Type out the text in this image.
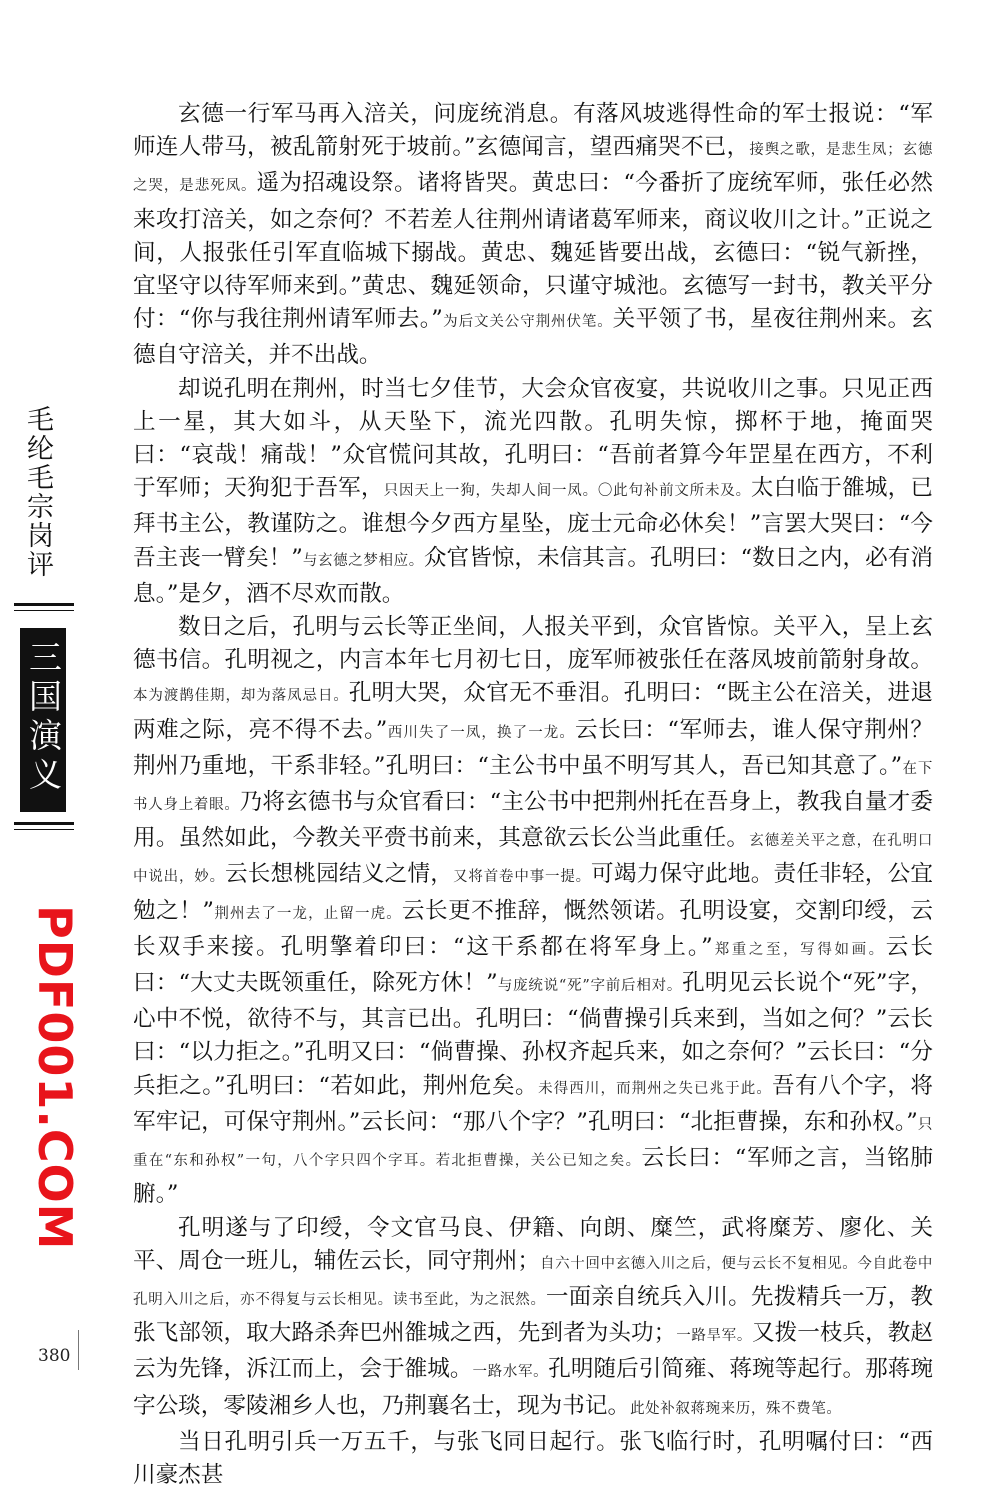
毛纶毛宗岗评
三国演义
PDF001.COM
380

玄德一行军马再入涪关，问庞统消息。有落风坡逃得性命的军士报说：“军师连人带马，被乱箭射死于坡前。”玄德闻言，望西痛哭不已，接舆之歌，是悲生凤；玄德之哭，是悲死凤。遥为招魂设祭。诸将皆哭。黄忠曰：“今番折了庞统军师，张任必然来攻打涪关，如之奈何？不若差人往荆州请诸葛军师来，商议收川之计。”正说之间，人报张任引军直临城下搦战。黄忠、魏延皆要出战，玄德曰：“锐气新挫，宜坚守以待军师来到。”黄忠、魏延领命，只谨守城池。玄德写一封书，教关平分付：“你与我往荆州请军师去。”为后文关公守荆州伏笔。关平领了书，星夜往荆州来。玄德自守涪关，并不出战。

却说孔明在荆州，时当七夕佳节，大会众官夜宴，共说收川之事。只见正西上一星，其大如斗，从天坠下，流光四散。孔明失惊，掷杯于地，掩面哭曰：“哀哉！痛哉！”众官慌问其故，孔明曰：“吾前者算今年罡星在西方，不利于军师；天狗犯于吾军，只因天上一狗，失却人间一凤。〇此句补前文所未及。太白临于雒城，已拜书主公，教谨防之。谁想今夕西方星坠，庞士元命必休矣！”言罢大哭曰：“今吾主丧一臂矣！”与玄德之梦相应。众官皆惊，未信其言。孔明曰：“数日之内，必有消息。”是夕，酒不尽欢而散。

数日之后，孔明与云长等正坐间，人报关平到，众官皆惊。关平入，呈上玄德书信。孔明视之，内言本年七月初七日，庞军师被张任在落凤坡前箭射身故。本为渡鹊佳期，却为落凤忌日。孔明大哭，众官无不垂泪。孔明曰：“既主公在涪关，进退两难之际，亮不得不去。”西川失了一凤，换了一龙。云长曰：“军师去，谁人保守荆州？荆州乃重地，干系非轻。”孔明曰：“主公书中虽不明写其人，吾已知其意了。”在下书人身上着眼。乃将玄德书与众官看曰：“主公书中把荆州托在吾身上，教我自量才委用。虽然如此，今教关平赍书前来，其意欲云长公当此重任。玄德差关平之意，在孔明口中说出，妙。云长想桃园结义之情，又将首卷中事一提。可竭力保守此地。责任非轻，公宜勉之！”荆州去了一龙，止留一虎。云长更不推辞，慨然领诺。孔明设宴，交割印绶，云长双手来接。孔明擎着印曰：“这干系都在将军身上。”郑重之至，写得如画。云长曰：“大丈夫既领重任，除死方休！”与庞统说“死”字前后相对。孔明见云长说个“死”字，心中不悦，欲待不与，其言已出。孔明曰：“倘曹操引兵来到，当如之何？”云长曰：“以力拒之。”孔明又曰：“倘曹操、孙权齐起兵来，如之奈何？”云长曰：“分兵拒之。”孔明曰：“若如此，荆州危矣。未得西川，而荆州之失已兆于此。吾有八个字，将军牢记，可保守荆州。”云长问：“那八个字？”孔明曰：“北拒曹操，东和孙权。”只重在“东和孙权”一句，八个字只四个字耳。若北拒曹操，关公已知之矣。云长曰：“军师之言，当铭肺腑。”

孔明遂与了印绶，令文官马良、伊籍、向朗、糜竺，武将糜芳、廖化、关平、周仓一班儿，辅佐云长，同守荆州；自六十回中玄德入川之后，便与云长不复相见。今自此卷中孔明入川之后，亦不得复与云长相见。读书至此，为之泯然。一面亲自统兵入川。先拨精兵一万，教张飞部领，取大路杀奔巴州雒城之西，先到者为头功；一路旱军。又拨一枝兵，教赵云为先锋，泝江而上，会于雒城。一路水军。孔明随后引简雍、蒋琬等起行。那蒋琬字公琰，零陵湘乡人也，乃荆襄名士，现为书记。此处补叙蒋琬来历，殊不费笔。

当日孔明引兵一万五千，与张飞同日起行。张飞临行时，孔明嘱付曰：“西川豪杰甚
